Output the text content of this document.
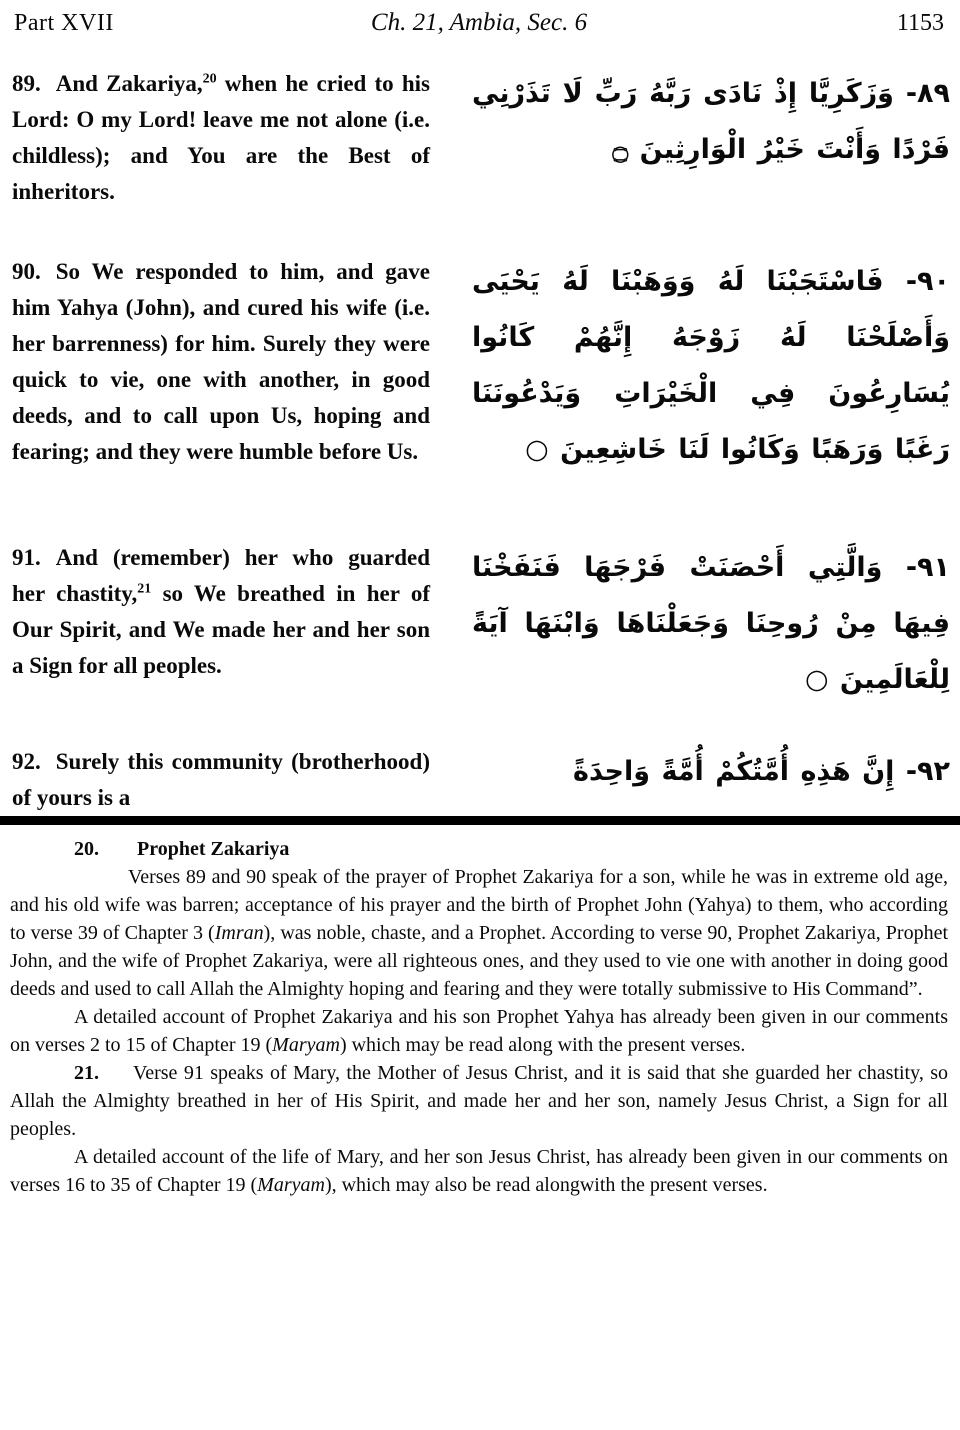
Part XVII	Ch. 21, Ambia, Sec. 6	1153

89. And Zakariya,$^{20}$ when he cried to his Lord: O my Lord! leave me not alone (i.e. childless); and You are the Best of inheritors.

۸۹- وَزَكَرِيَّا إِذْ نَادَى رَبَّهُ رَبِّ لَا تَذَرْنِي فَرْدًا وَأَنْتَ خَيْرُ الْوَارِثِينَ ۝

90. So We responded to him, and gave him Yahya (John), and cured his wife (i.e. her barrenness) for him. Surely they were quick to vie, one with another, in good deeds, and to call upon Us, hoping and fearing; and they were humble before Us.

۹۰- فَاسْتَجَبْنَا لَهُ وَوَهَبْنَا لَهُ يَحْيَى وَأَصْلَحْنَا لَهُ زَوْجَهُ إِنَّهُمْ كَانُوا يُسَارِعُونَ فِي الْخَيْرَاتِ وَيَدْعُونَنَا رَغَبًا وَرَهَبًا وَكَانُوا لَنَا خَاشِعِينَ ○

91. And (remember) her who guarded her chastity,$^{21}$ so We breathed in her of Our Spirit, and We made her and her son a Sign for all peoples.

۹۱- وَالَّتِي أَحْصَنَتْ فَرْجَهَا فَنَفَخْنَا فِيهَا مِنْ رُوحِنَا وَجَعَلْنَاهَا وَابْنَهَا آيَةً لِلْعَالَمِينَ ○

92. Surely this community (brotherhood) of yours is a

۹۲- إِنَّ هَذِهِ أُمَّتُكُمْ أُمَّةً وَاحِدَةً

20. Prophet Zakariya

Verses 89 and 90 speak of the prayer of Prophet Zakariya for a son, while he was in extreme old age, and his old wife was barren; acceptance of his prayer and the birth of Prophet John (Yahya) to them, who according to verse 39 of Chapter 3 (Imran), was noble, chaste, and a Prophet. According to verse 90, Prophet Zakariya, Prophet John, and the wife of Prophet Zakariya, were all righteous ones, and they used to vie one with another in doing good deeds and used to call Allah the Almighty hoping and fearing and they were totally submissive to His Command”.

A detailed account of Prophet Zakariya and his son Prophet Yahya has already been given in our comments on verses 2 to 15 of Chapter 19 (Maryam) which may be read along with the present verses.

21. Verse 91 speaks of Mary, the Mother of Jesus Christ, and it is said that she guarded her chastity, so Allah the Almighty breathed in her of His Spirit, and made her and her son, namely Jesus Christ, a Sign for all peoples.

A detailed account of the life of Mary, and her son Jesus Christ, has already been given in our comments on verses 16 to 35 of Chapter 19 (Maryam), which may also be read alongwith the present verses.
